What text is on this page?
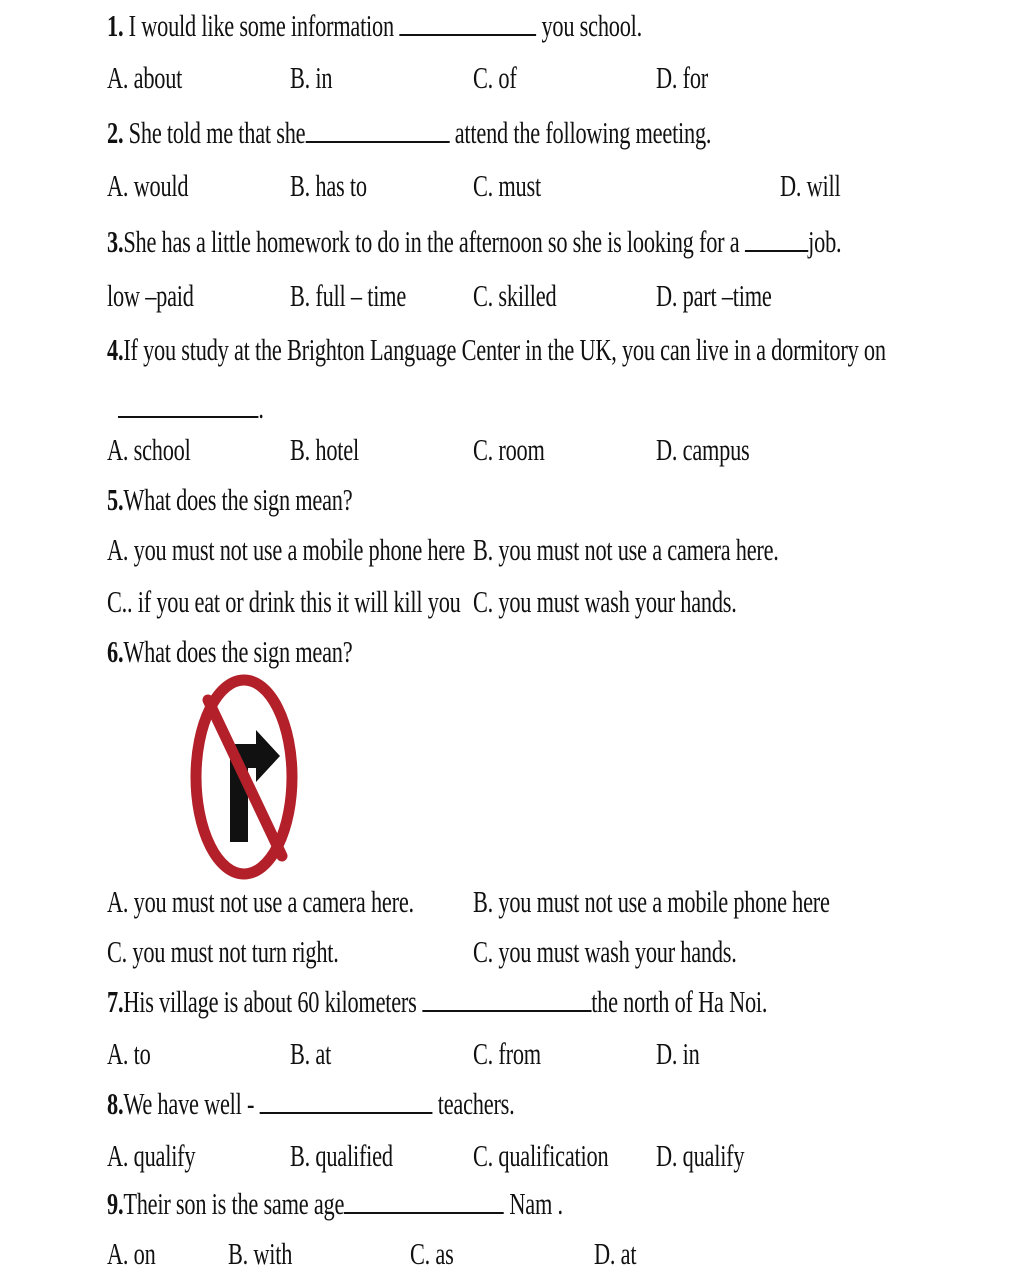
1. I would like some information	you school.
A. about	B. in	C. of	D. for
2. She told me that she	attend the following meeting.
A. would	B. has to	C. must	D. will
3.She has a little homework to do in the afternoon so she is looking for a job.
low –paid	B. full – time C. skilled	D. part –time
4.If you study at the Brighton Language Center in the UK, you can live in a dormitory on
.
A. school	B. hotel	C. room	D. campus
5.What does the sign mean?
A. you must not use a mobile phone here B. you must not use a camera here.
C.. if you eat or drink this it will kill you C. you must wash your hands.
6.What does the sign mean?
A. you must not use a camera here. B. you must not use a mobile phone here
C. you must not turn right.	C. you must wash your hands.
7.His village is about 60 kilometers	the north of Ha Noi.
A. to	B. at	C. from	D. in
8.We have well -	teachers.
A. qualify	B. qualified	C. qualification D. qualify
9.Their son is the same age	Nam .
A. on B. with	C. as	D. at
